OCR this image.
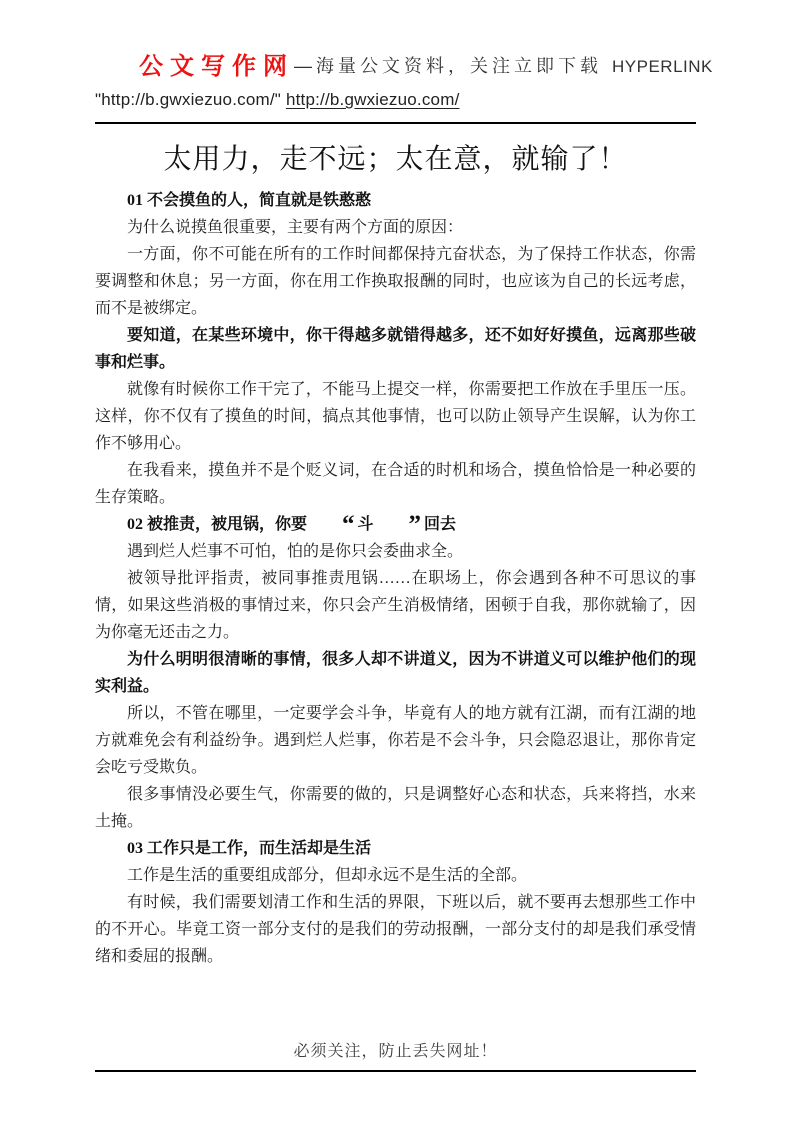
公文写作网—海量公文资料，关注立即下载 HYPERLINK
"http://b.gwxiezuo.com/" http://b.gwxiezuo.com/
太用力，走不远；太在意，就输了！
01 不会摸鱼的人，简直就是铁憨憨

为什么说摸鱼很重要，主要有两个方面的原因：

一方面，你不可能在所有的工作时间都保持亢奋状态，为了保持工作状态，你需要调整和休息；另一方面，你在用工作换取报酬的同时，也应该为自己的长远考虑，而不是被绑定。

要知道，在某些环境中，你干得越多就错得越多，还不如好好摸鱼，远离那些破事和烂事。

就像有时候你工作干完了，不能马上提交一样，你需要把工作放在手里压一压。这样，你不仅有了摸鱼的时间，搞点其他事情，也可以防止领导产生误解，认为你工作不够用心。

在我看来，摸鱼并不是个贬义词，在合适的时机和场合，摸鱼恰恰是一种必要的生存策略。

02 被推责，被甩锅，你要 “ 斗 ” 回去

遇到烂人烂事不可怕，怕的是你只会委曲求全。

被领导批评指责，被同事推责甩锅……在职场上，你会遇到各种不可思议的事情，如果这些消极的事情过来，你只会产生消极情绪，困顿于自我，那你就输了，因为你毫无还击之力。

为什么明明很清晰的事情，很多人却不讲道义，因为不讲道义可以维护他们的现实利益。

所以，不管在哪里，一定要学会斗争，毕竟有人的地方就有江湖，而有江湖的地方就难免会有利益纷争。遇到烂人烂事，你若是不会斗争，只会隐忍退让，那你肯定会吃亏受欺负。

很多事情没必要生气，你需要的做的，只是调整好心态和状态，兵来将挡，水来土掩。

03 工作只是工作，而生活却是生活

工作是生活的重要组成部分，但却永远不是生活的全部。

有时候，我们需要划清工作和生活的界限，下班以后，就不要再去想那些工作中的不开心。毕竟工资一部分支付的是我们的劳动报酬，一部分支付的却是我们承受情绪和委屈的报酬。

必须关注，防止丢失网址！
